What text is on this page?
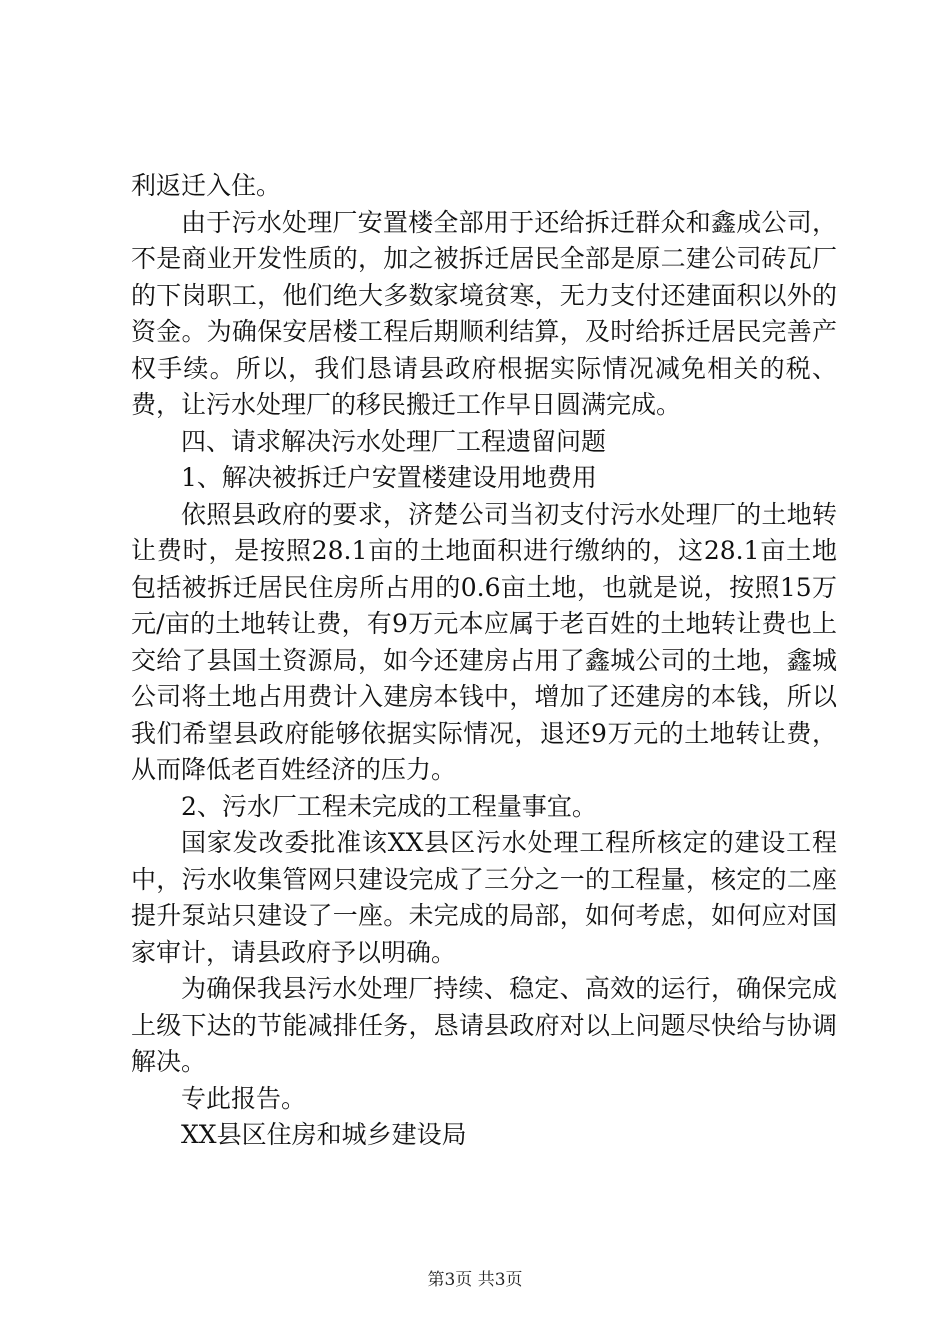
利返迁入住。

由于污水处理厂安置楼全部用于还给拆迁群众和鑫成公司，不是商业开发性质的，加之被拆迁居民全部是原二建公司砖瓦厂的下岗职工，他们绝大多数家境贫寒，无力支付还建面积以外的资金。为确保安居楼工程后期顺利结算，及时给拆迁居民完善产权手续。所以，我们恳请县政府根据实际情况减免相关的税、费，让污水处理厂的移民搬迁工作早日圆满完成。

四、请求解决污水处理厂工程遗留问题

1、解决被拆迁户安置楼建设用地费用

依照县政府的要求，济楚公司当初支付污水处理厂的土地转让费时，是按照28.1亩的土地面积进行缴纳的，这28.1亩土地包括被拆迁居民住房所占用的0.6亩土地，也就是说，按照15万元/亩的土地转让费，有9万元本应属于老百姓的土地转让费也上交给了县国土资源局，如今还建房占用了鑫城公司的土地，鑫城公司将土地占用费计入建房本钱中，增加了还建房的本钱，所以我们希望县政府能够依据实际情况，退还9万元的土地转让费，从而降低老百姓经济的压力。

2、污水厂工程未完成的工程量事宜。

国家发改委批准该XX县区污水处理工程所核定的建设工程中，污水收集管网只建设完成了三分之一的工程量，核定的二座提升泵站只建设了一座。未完成的局部，如何考虑，如何应对国家审计，请县政府予以明确。

为确保我县污水处理厂持续、稳定、高效的运行，确保完成上级下达的节能减排任务，恳请县政府对以上问题尽快给与协调解决。

专此报告。

XX县区住房和城乡建设局

第3页 共3页
